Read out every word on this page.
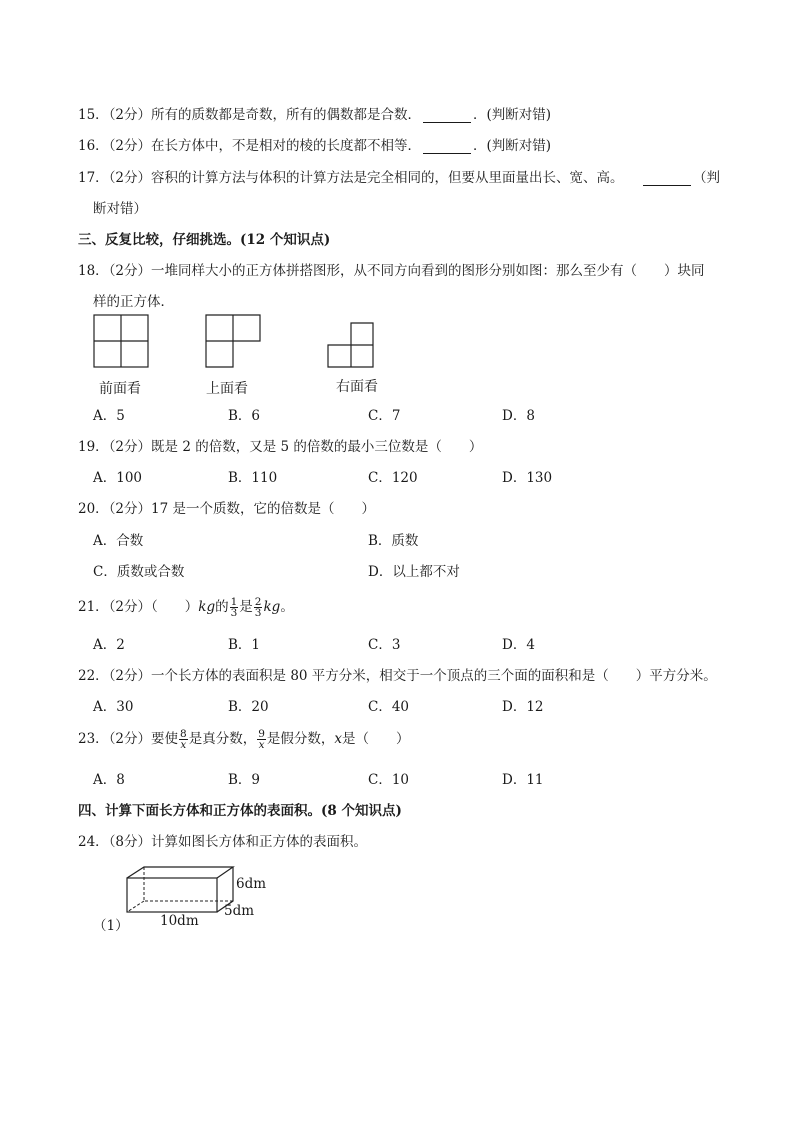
15．（2分）所有的质数都是奇数，所有的偶数都是合数．	．(判断对错)
16．（2分）在长方体中，不是相对的棱的长度都不相等．	．(判断对错)
17．（2分）容积的计算方法与体积的计算方法是完全相同的，但要从里面量出长、宽、高。	（判
断对错）
三、反复比较，仔细挑选。(12 个知识点)
18．（2分）一堆同样大小的正方体拼搭图形，从不同方向看到的图形分别如图：那么至少有（　　）块同
样的正方体．
前面看	上面看	右面看
A．5	B．6	C．7	D．8
19．（2分）既是 2 的倍数，又是 5 的倍数的最小三位数是（　　）
A．100	B．110	C．120	D．130
20．（2分）17 是一个质数，它的倍数是（　　）
A．合数	B．质数
C．质数或合数	D．以上都不对
21．（2分）（　　）kg的 $\frac{1}{3}$ 是 $\frac{2}{3}$ kg。
A．2	B．1	C．3	D．4
22．（2分）一个长方体的表面积是 80 平方分米，相交于一个顶点的三个面的面积和是（　　）平方分米。
A．30	B．20	C．40	D．12
23．（2分）要使 $\frac{8}{x}$ 是真分数， $\frac{9}{x}$ 是假分数，x是（　　）
A．8	B．9	C．10	D．11
四、计算下面长方体和正方体的表面积。(8 个知识点)
24．（8分）计算如图长方体和正方体的表面积。
6dm
5dm
10dm
（1）
